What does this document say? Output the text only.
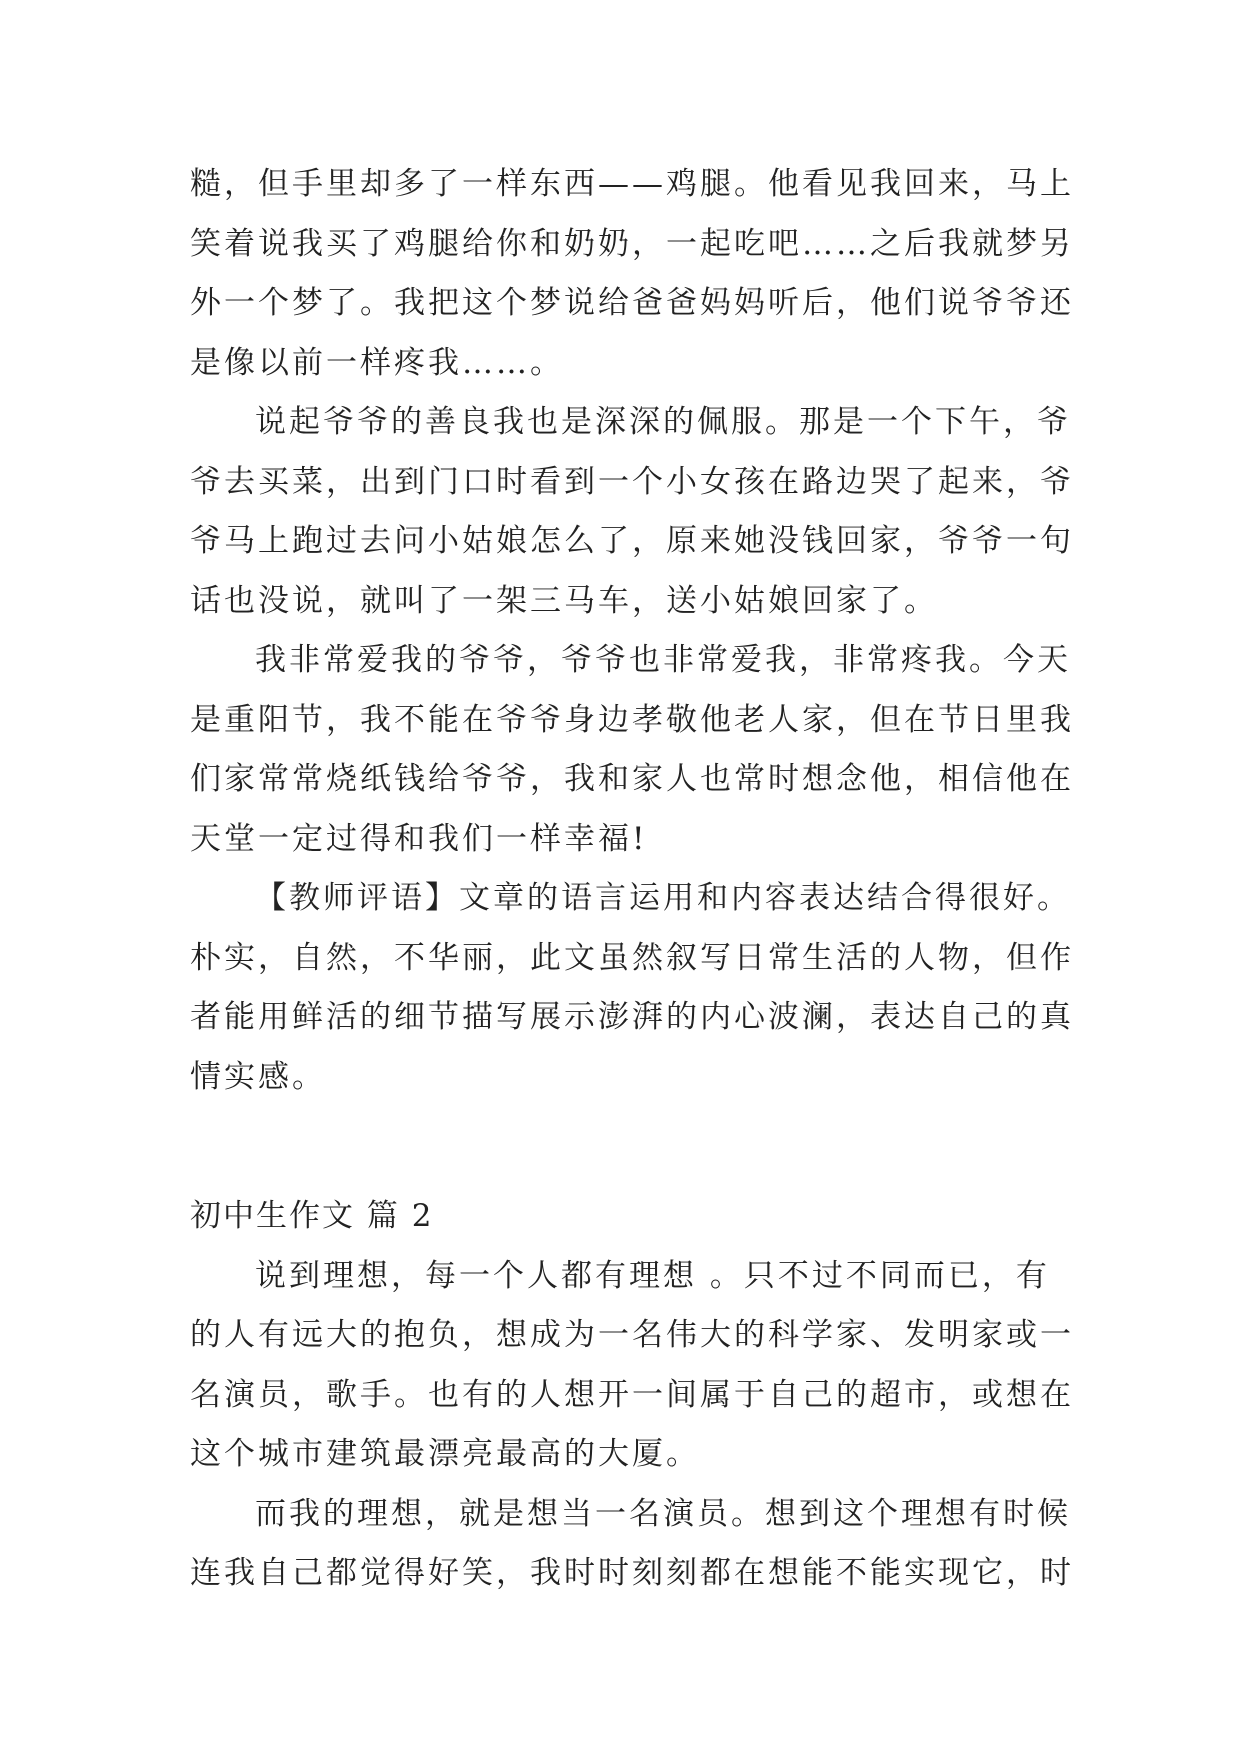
糙，但手里却多了一样东西——鸡腿。他看见我回来，马上
笑着说我买了鸡腿给你和奶奶，一起吃吧……之后我就梦另
外一个梦了。我把这个梦说给爸爸妈妈听后，他们说爷爷还
是像以前一样疼我……。
说起爷爷的善良我也是深深的佩服。那是一个下午，爷
爷去买菜，出到门口时看到一个小女孩在路边哭了起来，爷
爷马上跑过去问小姑娘怎么了，原来她没钱回家，爷爷一句
话也没说，就叫了一架三马车，送小姑娘回家了。
我非常爱我的爷爷，爷爷也非常爱我，非常疼我。今天
是重阳节，我不能在爷爷身边孝敬他老人家，但在节日里我
们家常常烧纸钱给爷爷，我和家人也常时想念他，相信他在
天堂一定过得和我们一样幸福!
【教师评语】文章的语言运用和内容表达结合得很好。
朴实，自然，不华丽，此文虽然叙写日常生活的人物，但作
者能用鲜活的细节描写展示澎湃的内心波澜，表达自己的真
情实感。
初中生作文 篇 2
说到理想，每一个人都有理想 。只不过不同而已，有
的人有远大的抱负，想成为一名伟大的科学家、发明家或一
名演员，歌手。也有的人想开一间属于自己的超市，或想在
这个城市建筑最漂亮最高的大厦。
而我的理想，就是想当一名演员。想到这个理想有时候
连我自己都觉得好笑，我时时刻刻都在想能不能实现它，时
